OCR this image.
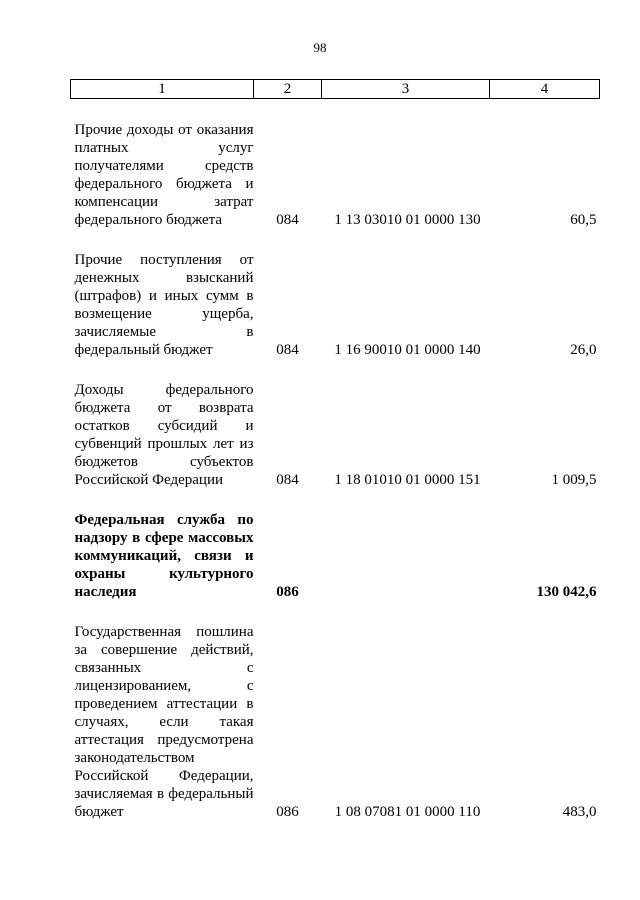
98
1	2	3	4

Прочие доходы от оказания платных услуг получателями средств федерального бюджета и компенсации затрат федерального бюджета	084	1 13 03010 01 0000 130	60,5

Прочие поступления от денежных взысканий (штрафов) и иных сумм в возмещение ущерба, зачисляемые в федеральный бюджет	084	1 16 90010 01 0000 140	26,0

Доходы федерального бюджета от возврата остатков субсидий и субвенций прошлых лет из бюджетов субъектов Российской Федерации	084	1 18 01010 01 0000 151	1 009,5

Федеральная служба по надзору в сфере массовых коммуникаций, связи и охраны культурного наследия	086		130 042,6

Государственная пошлина за совершение действий, связанных с лицензированием, с проведением аттестации в случаях, если такая аттестация предусмотрена законодательством Российской Федерации, зачисляемая в федеральный бюджет	086	1 08 07081 01 0000 110	483,0
